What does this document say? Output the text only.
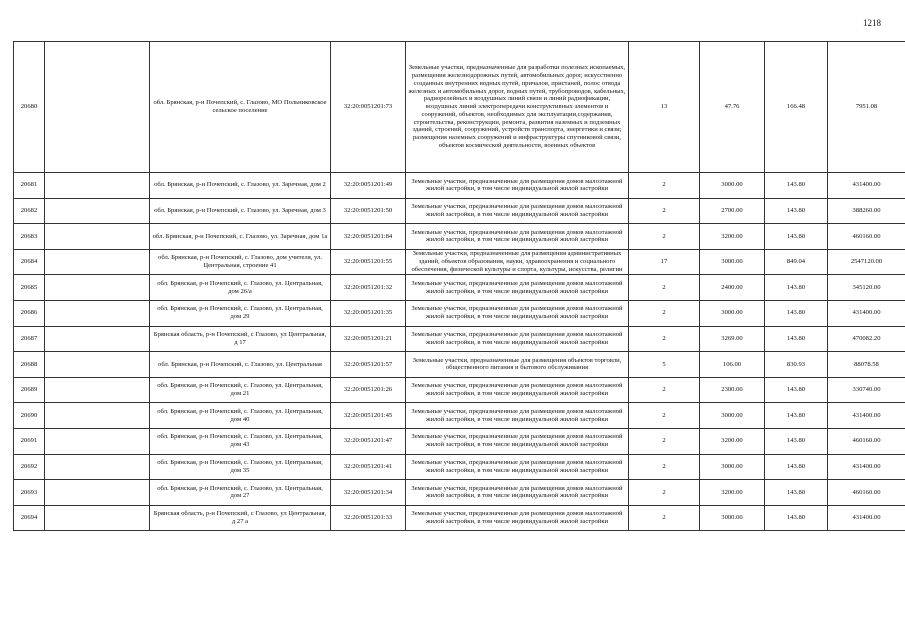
1218
20680		обл. Брянская, р-н Почепский, с. Глазово, МО Польниковское сельское поселение	32:20:0051201:73	Земельные участки, предназначенные для разработки полезных ископаемых, размещения железнодорожных путей, автомобильных дорог, искусственно созданных внутренних водных путей, причалов, пристаней, полос отвода железных и автомобильных дорог, водных путей, трубопроводов, кабельных, радиорелейных и воздушных линий связи и линий радиофикации, воздушных линий электропередачи конструктивных элементов и сооружений, объектов, необходимых для эксплуатации,содержания, строительства, реконструкции, ремонта, развития наземных и подземных зданий, строений, сооружений, устройств транспорта, энергетики и связи; размещения наземных сооружений и инфраструктуры спутниковой связи, объектов космической деятельности, военных объектов	13	47.76	166.48	7951.08
20681		обл. Брянская, р-н Почепский, с. Глазово, ул. Заречная, дом 2	32:20:0051201:49	Земельные участки, предназначенные для размещения домов малоэтажной жилой застройки, в том числе индивидуальной жилой застройки	2	3000.00	143.80	431400.00
20682		обл. Брянская, р-н Почепский, с. Глазово, ул. Заречная, дом 3	32:20:0051201:50	Земельные участки, предназначенные для размещения домов малоэтажной жилой застройки, в том числе индивидуальной жилой застройки	2	2700.00	143.80	388260.00
20683		обл. Брянская, р-н Почепский, с. Глазово, ул. Заречная, дом 1а	32:20:0051201:84	Земельные участки, предназначенные для размещения домов малоэтажной жилой застройки, в том числе индивидуальной жилой застройки	2	3200.00	143.80	460160.00
20684		обл. Брянская, р-н Почепский, с. Глазово, дом учителя, ул. Центральная, строение 41	32:20:0051201:55	Земельные участки, предназначенные для размещения административных зданий, объектов образования, науки, здравоохранения и социального обеспечения, физической культуры и спорта, культуры, искусства, религии	17	3000.00	849.04	2547120.00
20685		обл. Брянская, р-н Почепский, с. Глазово, ул. Центральная, дом 26/а	32:20:0051201:32	Земельные участки, предназначенные для размещения домов малоэтажной жилой застройки, в том числе индивидуальной жилой застройки	2	2400.00	143.80	345120.00
20686		обл. Брянская, р-н Почепский, с. Глазово, ул. Центральная, дом 29	32:20:0051201:35	Земельные участки, предназначенные для размещения домов малоэтажной жилой застройки, в том числе индивидуальной жилой застройки	2	3000.00	143.80	431400.00
20687		Брянская область, р-н Почепский, с Глазово, ул Центральная, д 17	32:20:0051201:21	Земельные участки, предназначенные для размещения домов малоэтажной жилой застройки, в том числе индивидуальной жилой застройки	2	3269.00	143.80	470082.20
20688		обл. Брянская, р-н Почепский, с. Глазово, ул. Центральная	32:20:0051201:57	Земельные участки, предназначенные для размещения объектов торговли, общественного питания и бытового обслуживания	5	106.00	830.93	88078.58
20689		обл. Брянская, р-н Почепский, с. Глазово, ул. Центральная, дом 21	32:20:0051201:26	Земельные участки, предназначенные для размещения домов малоэтажной жилой застройки, в том числе индивидуальной жилой застройки	2	2300.00	143.80	330740.00
20690		обл. Брянская, р-н Почепский, с. Глазово, ул. Центральная, дом 40	32:20:0051201:45	Земельные участки, предназначенные для размещения домов малоэтажной жилой застройки, в том числе индивидуальной жилой застройки	2	3000.00	143.80	431400.00
20691		обл. Брянская, р-н Почепский, с. Глазово, ул. Центральная, дом 43	32:20:0051201:47	Земельные участки, предназначенные для размещения домов малоэтажной жилой застройки, в том числе индивидуальной жилой застройки	2	3200.00	143.80	460160.00
20692		обл. Брянская, р-н Почепский, с. Глазово, ул. Центральная, дом 35	32:20:0051201:41	Земельные участки, предназначенные для размещения домов малоэтажной жилой застройки, в том числе индивидуальной жилой застройки	2	3000.00	143.80	431400.00
20693		обл. Брянская, р-н Почепский, с. Глазово, ул. Центральная, дом 27	32:20:0051201:34	Земельные участки, предназначенные для размещения домов малоэтажной жилой застройки, в том числе индивидуальной жилой застройки	2	3200.00	143.80	460160.00
20694		Брянская область, р-н Почепский, с Глазово, ул Центральная, д 27 а	32:20:0051201:33	Земельные участки, предназначенные для размещения домов малоэтажной жилой застройки, в том числе индивидуальной жилой застройки	2	3000.00	143.80	431400.00
